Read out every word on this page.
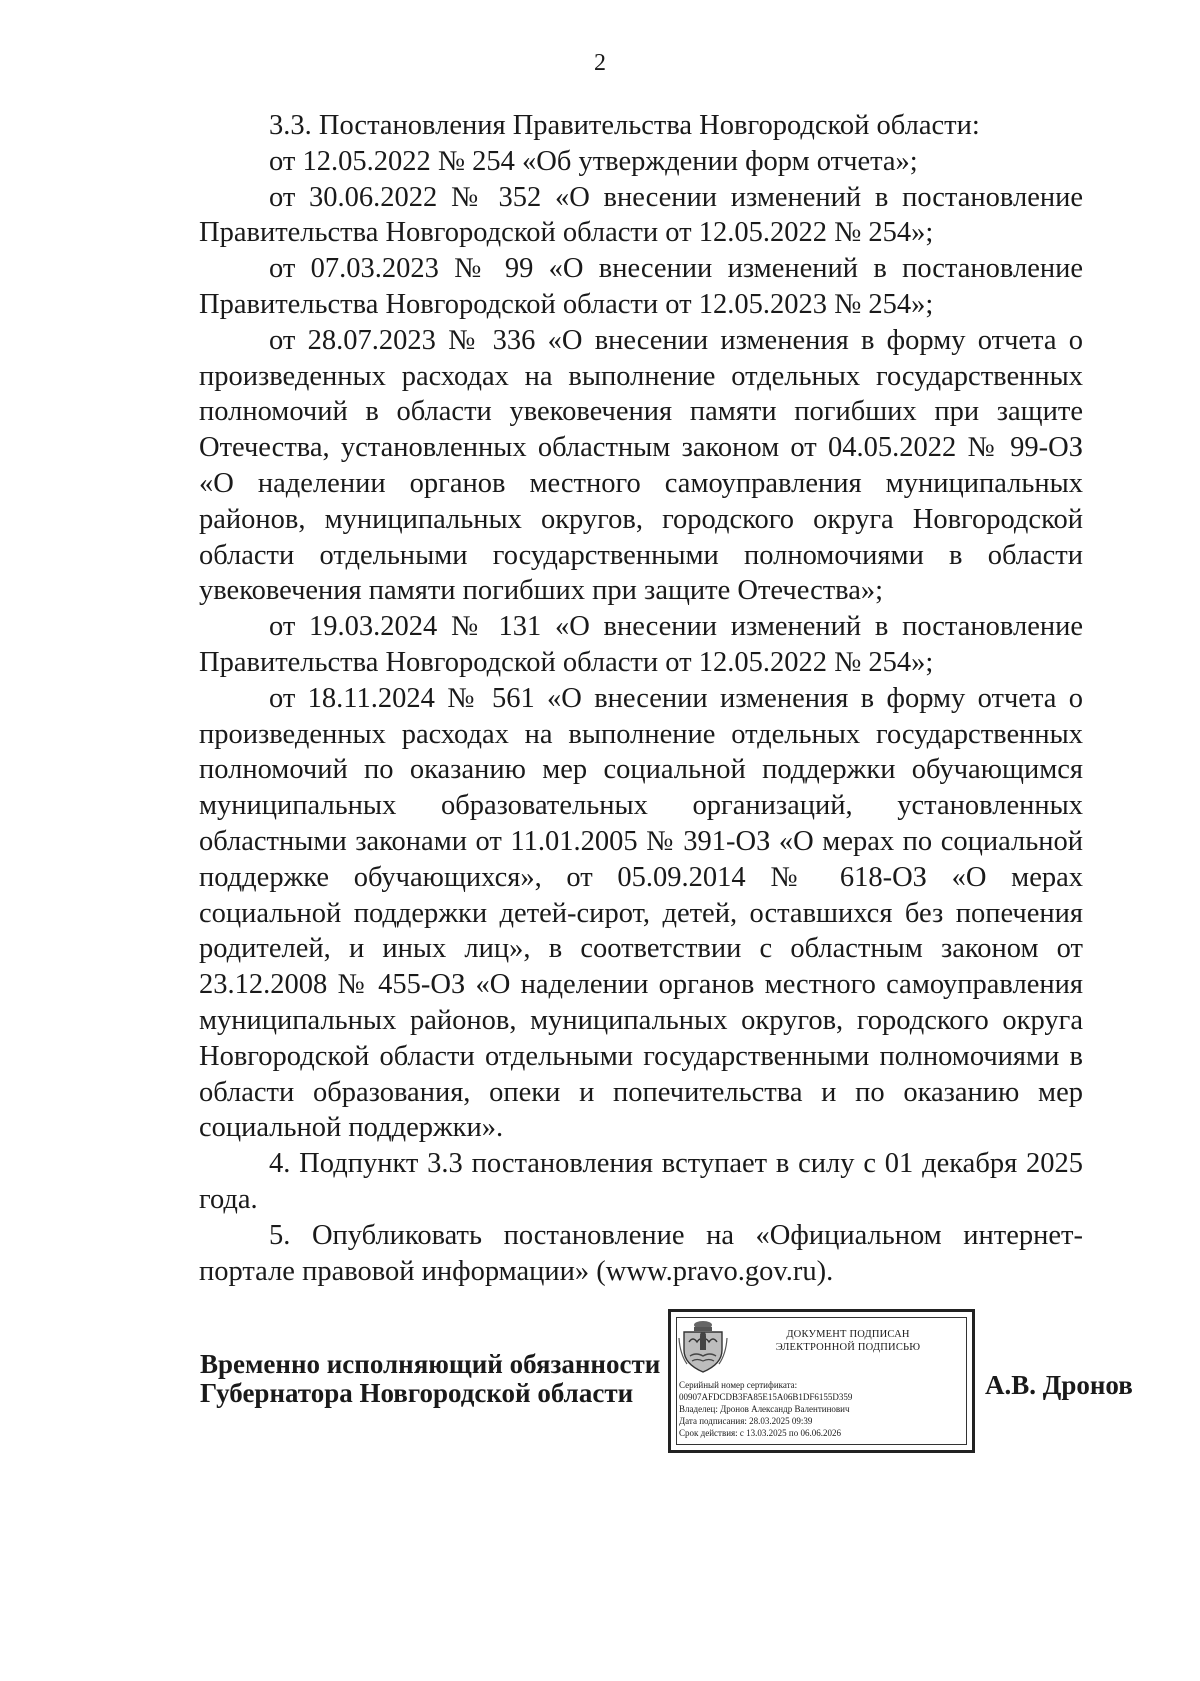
2

3.3. Постановления Правительства Новгородской области:

от 12.05.2022 № 254 «Об утверждении форм отчета»;

от 30.06.2022 № 352 «О внесении изменений в постановление Правительства Новгородской области от 12.05.2022 № 254»;

от 07.03.2023 № 99 «О внесении изменений в постановление Правительства Новгородской области от 12.05.2023 № 254»;

от 28.07.2023 № 336 «О внесении изменения в форму отчета о произведенных расходах на выполнение отдельных государственных полномочий в области увековечения памяти погибших при защите Отечества, установленных областным законом от 04.05.2022 № 99-ОЗ «О наделении органов местного самоуправления муниципальных районов, муниципальных округов, городского округа Новгородской области отдельными государственными полномочиями в области увековечения памяти погибших при защите Отечества»;

от 19.03.2024 № 131 «О внесении изменений в постановление Правительства Новгородской области от 12.05.2022 № 254»;

от 18.11.2024 № 561 «О внесении изменения в форму отчета о произведенных расходах на выполнение отдельных государственных полномочий по оказанию мер социальной поддержки обучающимся муниципальных образовательных организаций, установленных областными законами от 11.01.2005 № 391-ОЗ «О мерах по социальной поддержке обучающихся», от 05.09.2014 № 618-ОЗ «О мерах социальной поддержки детей-сирот, детей, оставшихся без попечения родителей, и иных лиц», в соответствии с областным законом от 23.12.2008 № 455-ОЗ «О наделении органов местного самоуправления муниципальных районов, муниципальных округов, городского округа Новгородской области отдельными государственными полномочиями в области образования, опеки и попечительства и по оказанию мер социальной поддержки».

4. Подпункт 3.3 постановления вступает в силу с 01 декабря 2025 года.

5. Опубликовать постановление на «Официальном интернет-портале правовой информации» (www.pravo.gov.ru).

Временно исполняющий обязанности
Губернатора Новгородской области
ДОКУМЕНТ ПОДПИСАН
ЭЛЕКТРОННОЙ ПОДПИСЬЮ
Серийный номер сертификата:
00907AFDCDB3FA85E15A06B1DF6155D359
Владелец: Дронов Александр Валентинович
Дата подписания: 28.03.2025 09:39
Срок действия: с 13.03.2025 по 06.06.2026
А.В. Дронов
